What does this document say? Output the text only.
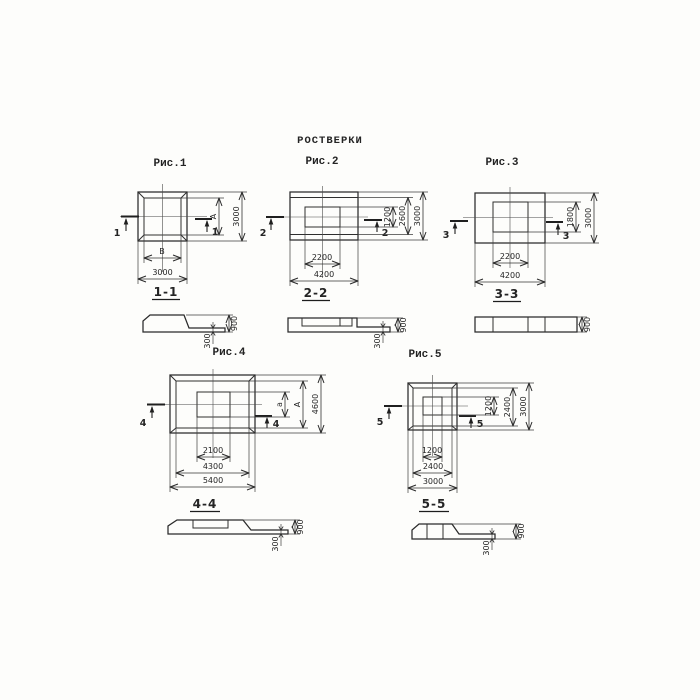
РОСТВЕРКИ
Рис.1
1	1
А 3000
В
3000
1-1
900
300
Рис.2
2	2
1200 2600 3000
2200
4200
2-2
900
300
Рис.3
3	3
1800 3000
2200
4200
3-3
900
Рис.4
4	4
а А 4600
2100
4300
5400
4-4
900
300
Рис.5
5	5
1200 2400 3000
1200
2400
3000
5-5
900
300
